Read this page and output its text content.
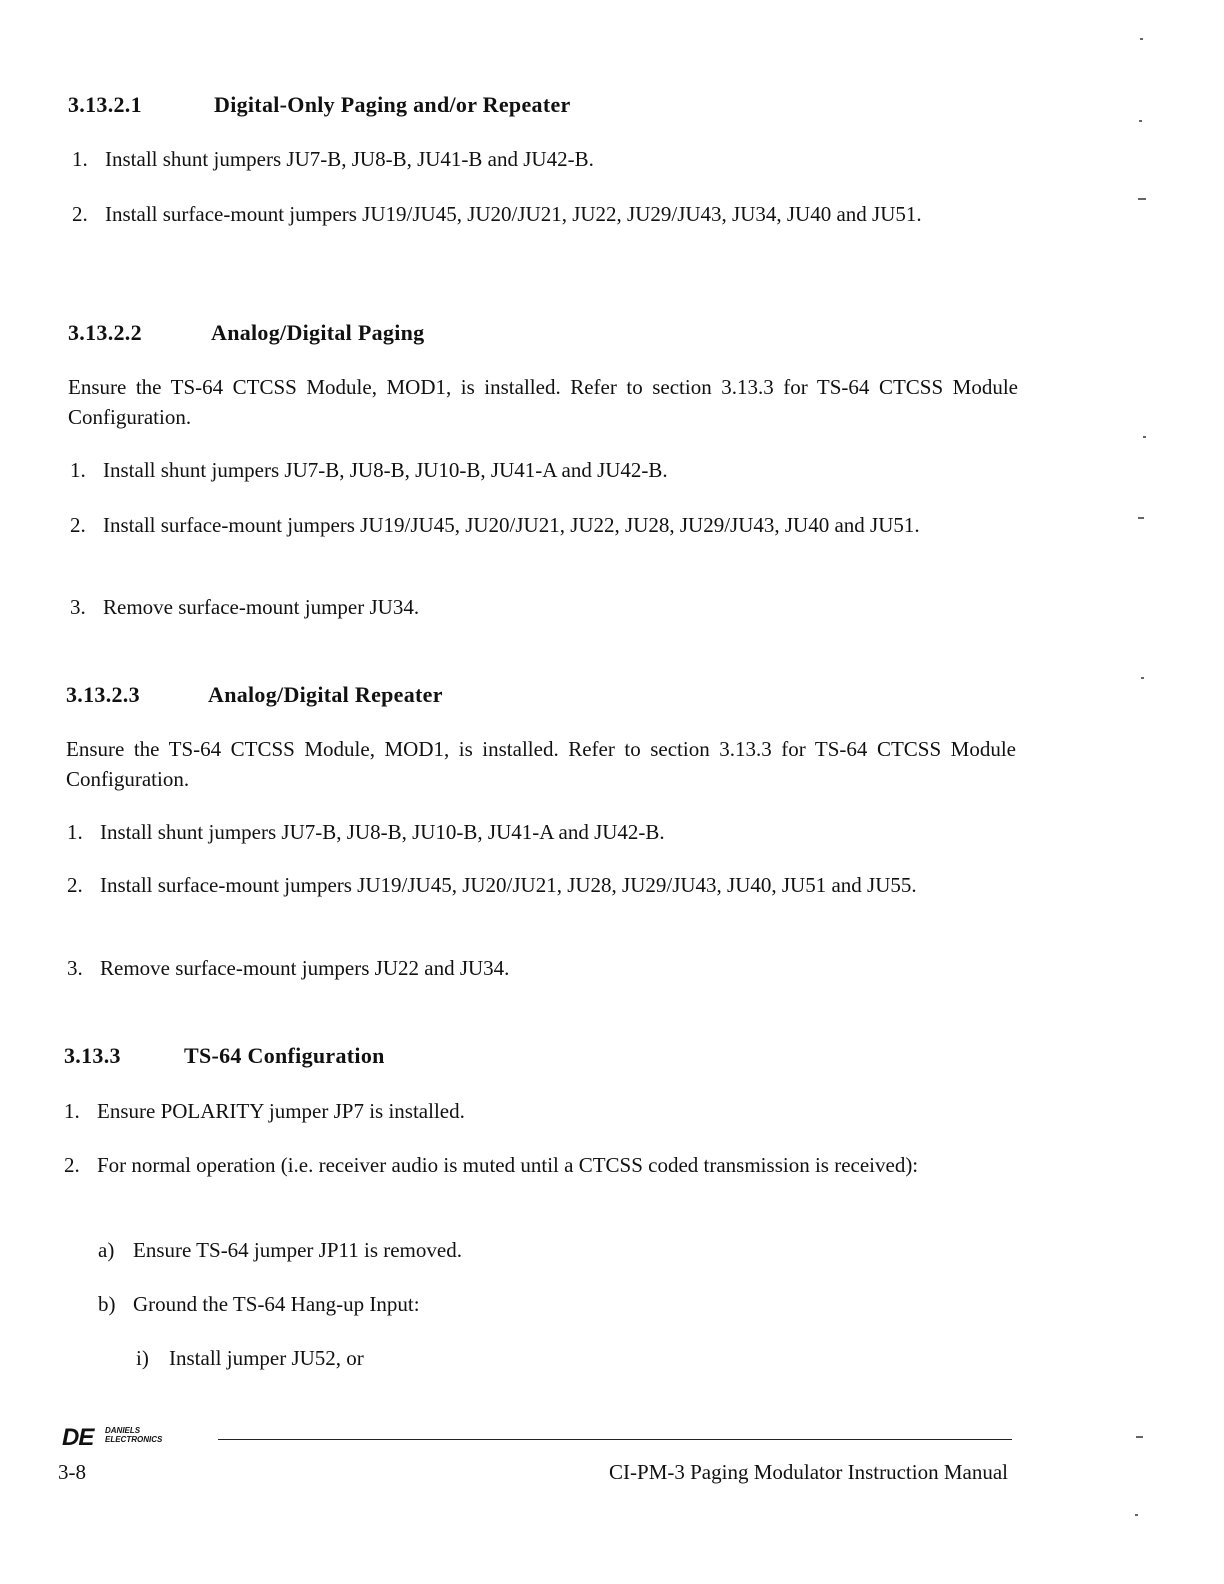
3.13.2.1	Digital-Only Paging and/or Repeater
1. Install shunt jumpers JU7-B, JU8-B, JU41-B and JU42-B.
2. Install surface-mount jumpers JU19/JU45, JU20/JU21, JU22, JU29/JU43, JU34, JU40 and JU51.
3.13.2.2	Analog/Digital Paging
Ensure the TS-64 CTCSS Module, MOD1, is installed. Refer to section 3.13.3 for TS-64 CTCSS Module Configuration.
1. Install shunt jumpers JU7-B, JU8-B, JU10-B, JU41-A and JU42-B.
2. Install surface-mount jumpers JU19/JU45, JU20/JU21, JU22, JU28, JU29/JU43, JU40 and JU51.
3. Remove surface-mount jumper JU34.
3.13.2.3	Analog/Digital Repeater
Ensure the TS-64 CTCSS Module, MOD1, is installed. Refer to section 3.13.3 for TS-64 CTCSS Module Configuration.
1. Install shunt jumpers JU7-B, JU8-B, JU10-B, JU41-A and JU42-B.
2. Install surface-mount jumpers JU19/JU45, JU20/JU21, JU28, JU29/JU43, JU40, JU51 and JU55.
3. Remove surface-mount jumpers JU22 and JU34.
3.13.3	TS-64 Configuration
1. Ensure POLARITY jumper JP7 is installed.
2. For normal operation (i.e. receiver audio is muted until a CTCSS coded transmission is received):
a) Ensure TS-64 jumper JP11 is removed.
b) Ground the TS-64 Hang-up Input:
i) Install jumper JU52, or
DE DANIELS
ELECTRONICS
3-8	CI-PM-3 Paging Modulator Instruction Manual
